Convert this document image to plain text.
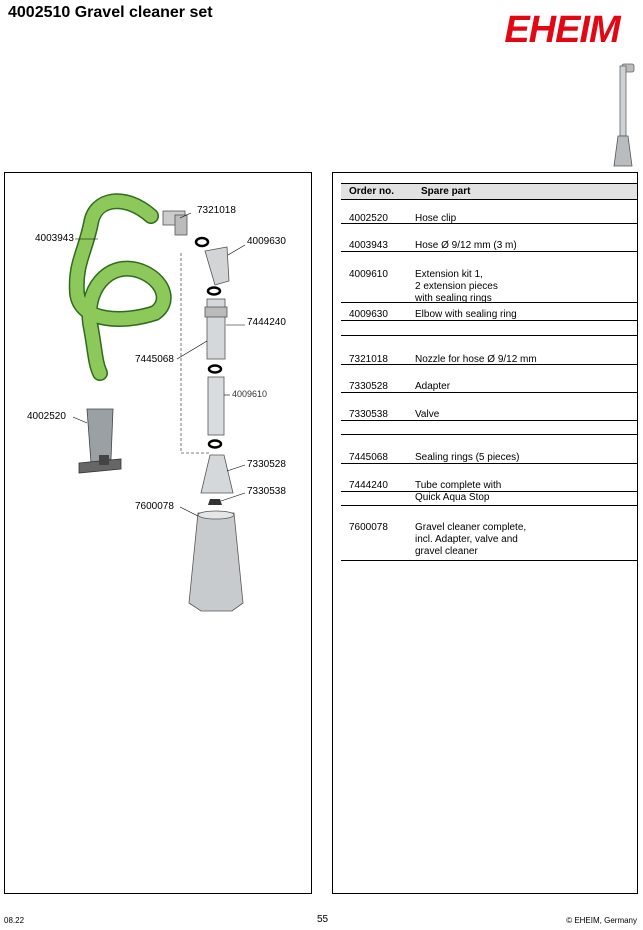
4002510 Gravel cleaner set	EHEIM
7321018
4003943	4009630
7444240
7445068
4009610
4002520
7330528
7330538
7600078
Order no.	Spare part
4002520	Hose clip
4003943	Hose Ø 9/12 mm (3 m)
4009610	Extension kit 1,
2 extension pieces
with sealing rings
4009630	Elbow with sealing ring
7321018	Nozzle for hose Ø 9/12 mm
7330528	Adapter
7330538	Valve
7445068	Sealing rings (5 pieces)
7444240	Tube complete with
Quick Aqua Stop
7600078	Gravel cleaner complete,
incl. Adapter, valve and
gravel cleaner
08.22	55	© EHEIM, Germany
